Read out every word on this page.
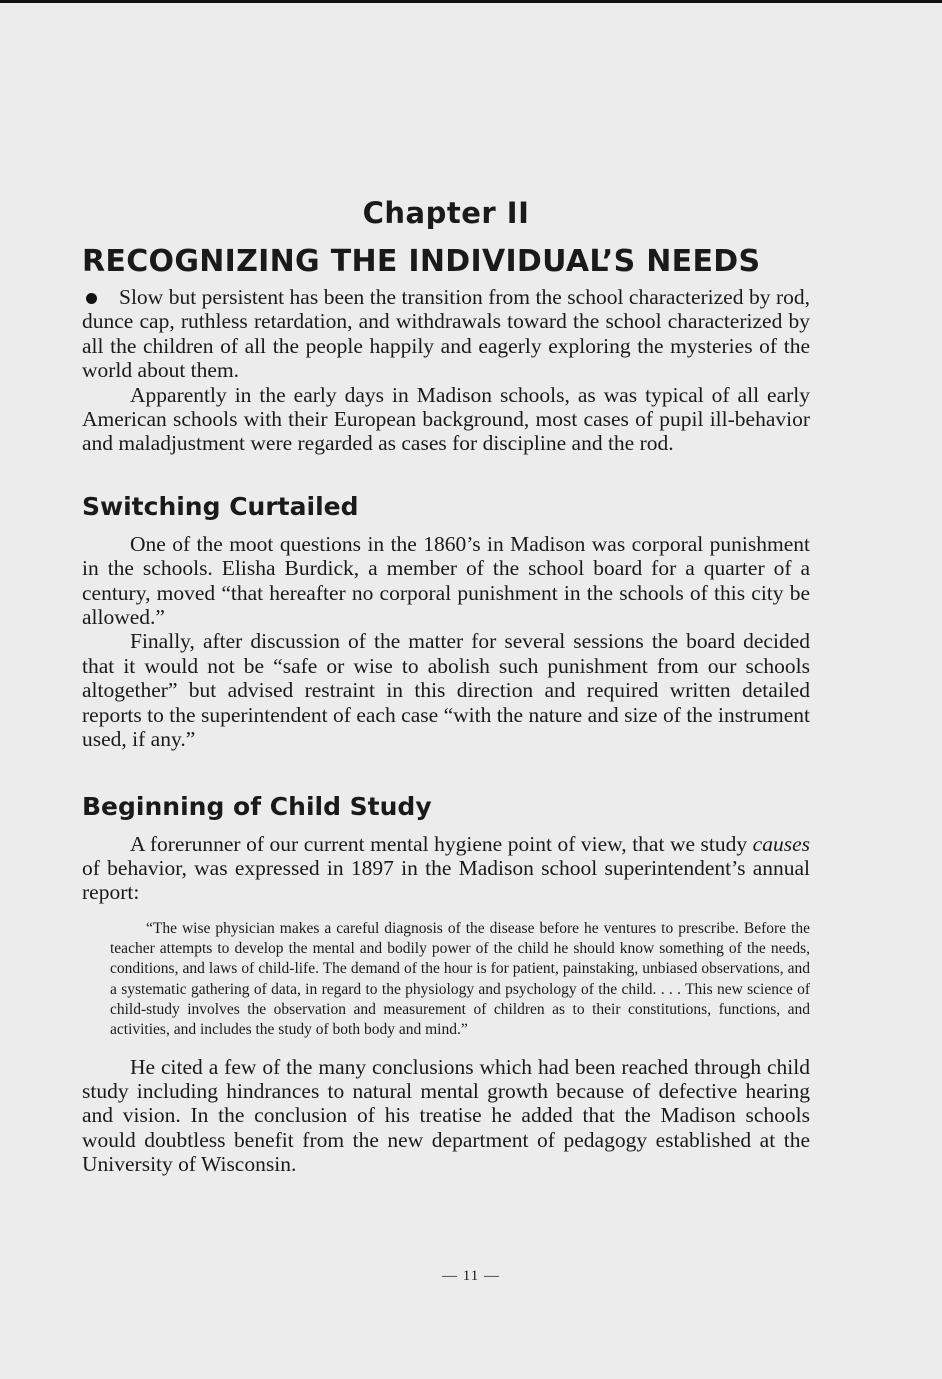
Chapter II
RECOGNIZING THE INDIVIDUAL’S NEEDS

Slow but persistent has been the transition from the school characterized by rod, dunce cap, ruthless retardation, and withdrawals toward the school characterized by all the children of all the people happily and eagerly exploring the mysteries of the world about them.

Apparently in the early days in Madison schools, as was typical of all early American schools with their European background, most cases of pupil ill-behavior and maladjustment were regarded as cases for discipline and the rod.

Switching Curtailed

One of the moot questions in the 1860’s in Madison was corporal punishment in the schools. Elisha Burdick, a member of the school board for a quarter of a century, moved “that hereafter no corporal punishment in the schools of this city be allowed.”

Finally, after discussion of the matter for several sessions the board decided that it would not be “safe or wise to abolish such punishment from our schools altogether” but advised restraint in this direction and required written detailed reports to the superintendent of each case “with the nature and size of the instrument used, if any.”

Beginning of Child Study

A forerunner of our current mental hygiene point of view, that we study causes of behavior, was expressed in 1897 in the Madison school superintendent’s annual report:

“The wise physician makes a careful diagnosis of the disease before he ventures to prescribe. Before the teacher attempts to develop the mental and bodily power of the child he should know something of the needs, conditions, and laws of child-life. The demand of the hour is for patient, painstaking, unbiased observations, and a systematic gathering of data, in regard to the physiology and psychology of the child. . . . This new science of child-study involves the observation and measurement of children as to their constitutions, functions, and activities, and includes the study of both body and mind.”

He cited a few of the many conclusions which had been reached through child study including hindrances to natural mental growth because of defective hearing and vision. In the conclusion of his treatise he added that the Madison schools would doubtless benefit from the new department of pedagogy established at the University of Wisconsin.

— 11 —
